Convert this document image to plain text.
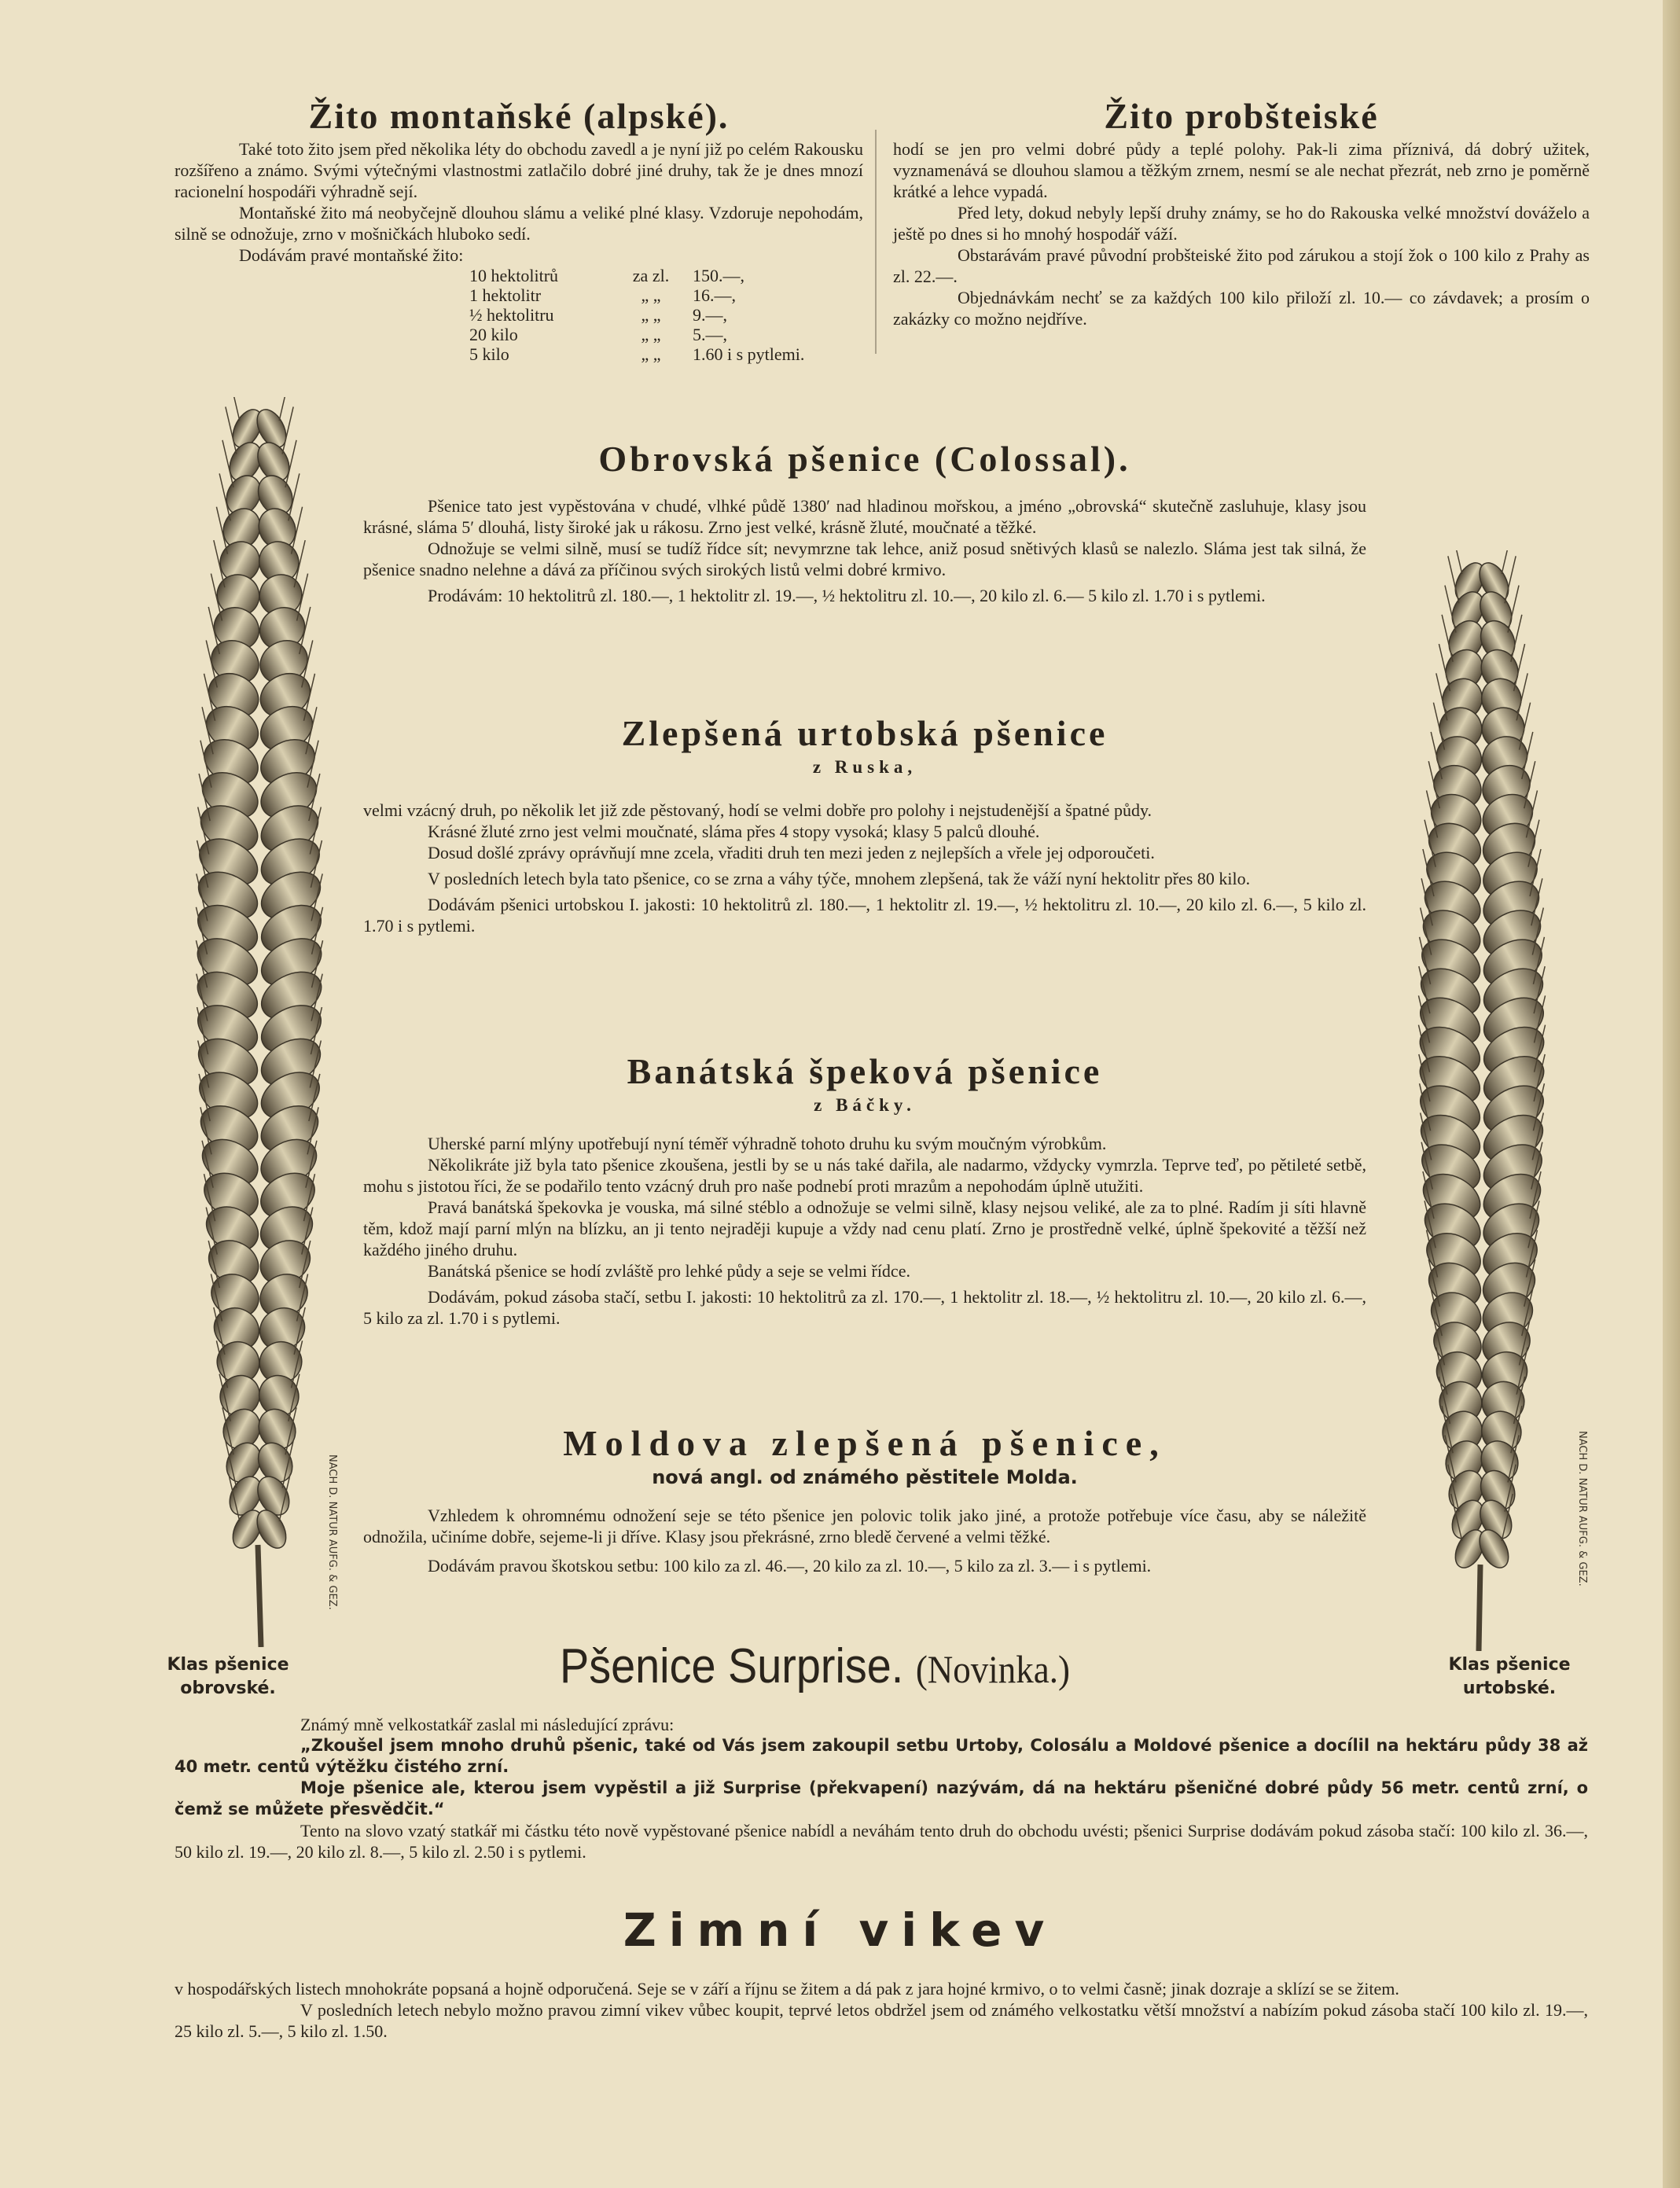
Žito montaňské (alpské).

Také toto žito jsem před několika léty do obchodu zavedl a je nyní již po celém Rakousku rozšířeno a známo. Svými výtečnými vlastnostmi zatlačilo dobré jiné druhy, tak že je dnes mnozí racionelní hospodáři výhradně sejí.

Montaňské žito má neobyčejně dlouhou slámu a veliké plné klasy. Vzdoruje nepohodám, silně se odnožuje, zrno v mošničkách hluboko sedí.

Dodávám pravé montaňské žito:

10 hektolitrů	za zl.	150.—,
1 hektolitr	„ „	16.—,
½ hektolitru	„ „	9.—,
20 kilo	„ „	5.—,
5 kilo	„ „	1.60 i s pytlemi.
Žito probšteiské

hodí se jen pro velmi dobré půdy a teplé polohy. Pak-li zima příznivá, dá dobrý užitek, vyznamenává se dlouhou slamou a těžkým zrnem, nesmí se ale nechat přezrát, neb zrno je poměrně krátké a lehce vypadá.

Před lety, dokud nebyly lepší druhy známy, se ho do Rakouska velké množství dováželo a ještě po dnes si ho mnohý hospodář váží.

Obstarávám pravé původní probšteiské žito pod zárukou a stojí žok o 100 kilo z Prahy as zl. 22.—.

Objednávkám nechť se za každých 100 kilo přiloží zl. 10.— co závdavek; a prosím o zakázky co možno nejdříve.

Obrovská pšenice (Colossal).

Pšenice tato jest vypěstována v chudé, vlhké půdě 1380′ nad hladinou mořskou, a jméno „obrovská“ skutečně zasluhuje, klasy jsou krásné, sláma 5′ dlouhá, listy široké jak u rákosu. Zrno jest velké, krásně žluté, moučnaté a těžké.

Odnožuje se velmi silně, musí se tudíž řídce sít; nevymrzne tak lehce, aniž posud snětivých klasů se nalezlo. Sláma jest tak silná, že pšenice snadno nelehne a dává za příčinou svých sirokých listů velmi dobré krmivo.

Prodávám: 10 hektolitrů zl. 180.—, 1 hektolitr zl. 19.—, ½ hektolitru zl. 10.—, 20 kilo zl. 6.— 5 kilo zl. 1.70 i s pytlemi.

Zlepšená urtobská pšenice
z Ruska,

velmi vzácný druh, po několik let již zde pěstovaný, hodí se velmi dobře pro polohy i nejstudenější a špatné půdy.

Krásné žluté zrno jest velmi moučnaté, sláma přes 4 stopy vysoká; klasy 5 palců dlouhé.

Dosud došlé zprávy oprávňují mne zcela, vřaditi druh ten mezi jeden z nejlepších a vřele jej odporoučeti.

V posledních letech byla tato pšenice, co se zrna a váhy týče, mnohem zlepšená, tak že váží nyní hektolitr přes 80 kilo.

Dodávám pšenici urtobskou I. jakosti: 10 hektolitrů zl. 180.—, 1 hektolitr zl. 19.—, ½ hektolitru zl. 10.—, 20 kilo zl. 6.—, 5 kilo zl. 1.70 i s pytlemi.

Banátská špeková pšenice
z Báčky.

Uherské parní mlýny upotřebují nyní téměř výhradně tohoto druhu ku svým moučným výrobkům.

Několikráte již byla tato pšenice zkoušena, jestli by se u nás také dařila, ale nadarmo, vždycky vymrzla. Teprve teď, po pětileté setbě, mohu s jistotou říci, že se podařilo tento vzácný druh pro naše podnebí proti mrazům a nepohodám úplně utužiti.

Pravá banátská špekovka je vouska, má silné stéblo a odnožuje se velmi silně, klasy nejsou veliké, ale za to plné. Radím ji síti hlavně těm, kdož mají parní mlýn na blízku, an ji tento nejraději kupuje a vždy nad cenu platí. Zrno je prostředně velké, úplně špekovité a těžší než každého jiného druhu.

Banátská pšenice se hodí zvláště pro lehké půdy a seje se velmi řídce.

Dodávám, pokud zásoba stačí, setbu I. jakosti: 10 hektolitrů za zl. 170.—, 1 hektolitr zl. 18.—, ½ hektolitru zl. 10.—, 20 kilo zl. 6.—, 5 kilo za zl. 1.70 i s pytlemi.

Moldova zlepšená pšenice,
nová angl. od známého pěstitele Molda.

Vzhledem k ohromnému odnožení seje se této pšenice jen polovic tolik jako jiné, a protože potřebuje více času, aby se náležitě odnožila, učiníme dobře, sejeme-li ji dříve. Klasy jsou překrásné, zrno bledě červené a velmi těžké.

Dodávám pravou škotskou setbu: 100 kilo za zl. 46.—, 20 kilo za zl. 10.—, 5 kilo za zl. 3.— i s pytlemi.

Pšenice Surprise. (Novinka.)

Známý mně velkostatkář zaslal mi následující zprávu:

„Zkoušel jsem mnoho druhů pšenic, také od Vás jsem zakoupil setbu Urtoby, Colosálu a Moldové pšenice a docílil na hektáru půdy 38 až 40 metr. centů výtěžku čistého zrní.

Moje pšenice ale, kterou jsem vypěstil a již Surprise (překvapení) nazývám, dá na hektáru pšeničné dobré půdy 56 metr. centů zrní, o čemž se můžete přesvědčit.“

Tento na slovo vzatý statkář mi částku této nově vypěstované pšenice nabídl a neváhám tento druh do obchodu uvésti; pšenici Surprise dodávám pokud zásoba stačí: 100 kilo zl. 36.—, 50 kilo zl. 19.—, 20 kilo zl. 8.—, 5 kilo zl. 2.50 i s pytlemi.

Zimní vikev

v hospodářských listech mnohokráte popsaná a hojně odporučená. Seje se v září a říjnu se žitem a dá pak z jara hojné krmivo, o to velmi časně; jinak dozraje a sklízí se se žitem.

V posledních letech nebylo možno pravou zimní vikev vůbec koupit, teprvé letos obdržel jsem od známého velkostatku větší množství a nabízím pokud zásoba stačí 100 kilo zl. 19.—, 25 kilo zl. 5.—, 5 kilo zl. 1.50.

NACH D. NATUR AUFG. & GEZ.
Klas pšenice obrovské.
NACH D. NATUR AUFG. & GEZ.
Klas pšenice urtobské.
